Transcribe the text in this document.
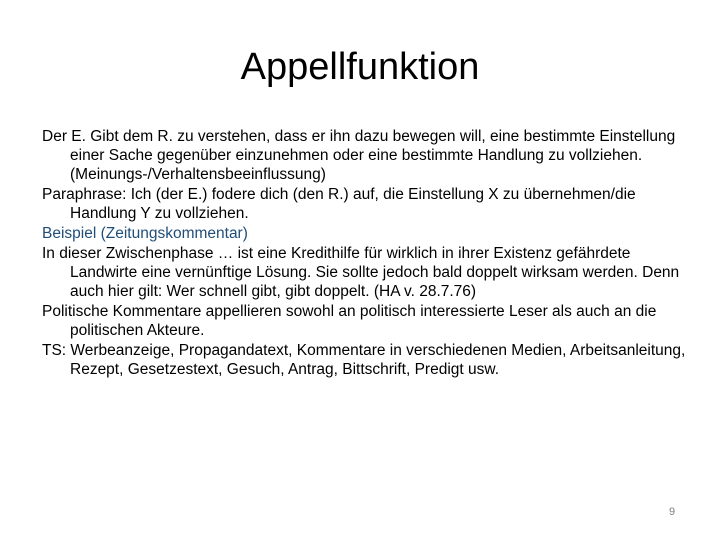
Appellfunktion

Der E. Gibt dem R. zu verstehen, dass er ihn dazu bewegen will, eine bestimmte Einstellung einer Sache gegenüber einzunehmen oder eine bestimmte Handlung zu vollziehen. (Meinungs-/Verhaltensbeeinflussung)

Paraphrase: Ich (der E.) fodere dich (den R.) auf, die Einstellung X zu übernehmen/die Handlung Y zu vollziehen.

Beispiel (Zeitungskommentar)

In dieser Zwischenphase … ist eine Kredithilfe für wirklich in ihrer Existenz gefährdete Landwirte eine vernünftige Lösung. Sie sollte jedoch bald doppelt wirksam werden. Denn auch hier gilt: Wer schnell gibt, gibt doppelt. (HA v. 28.7.76)

Politische Kommentare appellieren sowohl an politisch interessierte Leser als auch an die politischen Akteure.

TS: Werbeanzeige, Propagandatext, Kommentare in verschiedenen Medien, Arbeitsanleitung, Rezept, Gesetzestext, Gesuch, Antrag, Bittschrift, Predigt usw.

9
